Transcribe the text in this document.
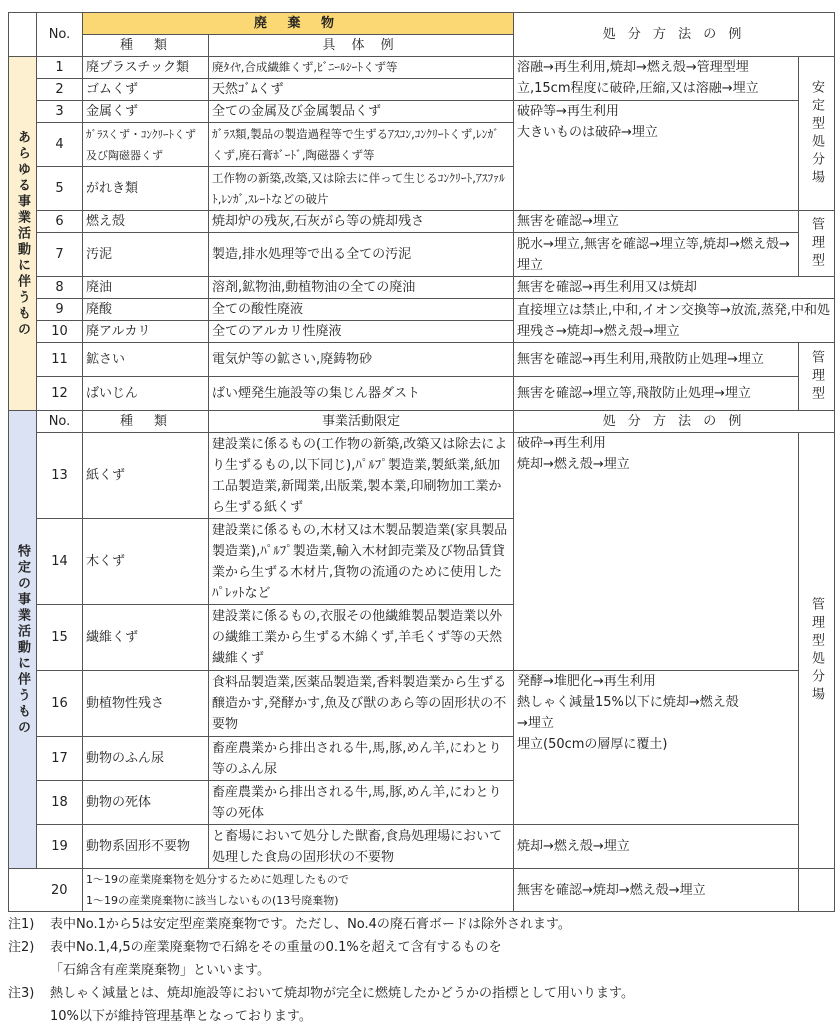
	No.	廃 棄 物		処 分 方 法 の 例	
		種　類	具 体 例		

あらゆる事業活動に伴うもの	1	廃プラスチック類	廃ﾀｲﾔ,合成繊維くず,ﾋﾞﾆｰﾙｼｰﾄくず等	溶融→再生利用,焼却→燃え殻→管理型埋立,15cm程度に破砕,圧縮,又は溶融→埋立	安定型処分場

	2	ゴムくず	天然ｺﾞﾑくず		
	3	金属くず	全ての金属及び金属製品くず	破砕等→再生利用
大きいものは破砕→埋立	

	4	ｶﾞﾗｽくず・ｺﾝｸﾘｰﾄくず及び陶磁器くず	ｶﾞﾗｽ類,製品の製造過程等で生ずるｱｽｺﾝ,ｺﾝｸﾘｰﾄくず,ﾚﾝｶﾞくず,廃石膏ﾎﾞｰﾄﾞ,陶磁器くず等		
	5	がれき類	工作物の新築,改築,又は除去に伴って生じるｺﾝｸﾘｰﾄ,ｱｽﾌｧﾙﾄ,ﾚﾝｶﾞ,ｽﾚｰﾄなどの破片		
	6	燃え殻	焼却炉の残灰,石灰がら等の焼却残さ	無害を確認→埋立	管理型

	7	汚泥	製造,排水処理等で出る全ての汚泥	脱水→埋立,無害を確認→埋立等,焼却→燃え殻→埋立	
	8	廃油	溶剤,鉱物油,動植物油の全ての廃油	無害を確認→再生利用又は焼却	
	9	廃酸	全ての酸性廃液	直接埋立は禁止,中和,イオン交換等→放流,蒸発,中和処理残さ→焼却→燃え殻→埋立	
	10	廃アルカリ	全てのアルカリ性廃液		
	11	鉱さい	電気炉等の鉱さい,廃鋳物砂	無害を確認→再生利用,飛散防止処理→埋立	管理型

	12	ばいじん	ばい煙発生施設等の集じん器ダスト	無害を確認→埋立等,飛散防止処理→埋立	

特定の事業活動に伴うもの	No.	種　類	事業活動限定	処 分 方 法 の 例	
	13	紙くず	建設業に係るもの(工作物の新築,改築又は除去により生ずるもの,以下同じ),ﾊﾟﾙﾌﾟ製造業,製紙業,紙加工品製造業,新聞業,出版業,製本業,印刷物加工業から生ずる紙くず	破砕→再生利用
焼却→燃え殻→埋立	管理型処分場

	14	木くず	建設業に係るもの,木材又は木製品製造業(家具製品製造業),ﾊﾟﾙﾌﾟ製造業,輸入木材卸売業及び物品賃貸業から生ずる木材片,貨物の流通のために使用したﾊﾟﾚｯﾄなど		
	15	繊維くず	建設業に係るもの,衣服その他繊維製品製造業以外の繊維工業から生ずる木綿くず,羊毛くず等の天然繊維くず		
	16	動植物性残さ	食料品製造業,医薬品製造業,香料製造業から生ずる醸造かす,発酵かす,魚及び獣のあら等の固形状の不要物	発酵→堆肥化→再生利用
熱しゃく減量15%以下に焼却→燃え殻
→埋立
埋立(50cmの層厚に覆土)	

	17	動物のふん尿	畜産農業から排出される牛,馬,豚,めん羊,にわとり等のふん尿		
	18	動物の死体	畜産農業から排出される牛,馬,豚,めん羊,にわとり等の死体		
	19	動物系固形不要物	と畜場において処分した獣畜,食鳥処理場において処理した食鳥の固形状の不要物	焼却→燃え殻→埋立	
	20	1～19の産業廃棄物を処分するために処理したもので
1～19の産業廃棄物に該当しないもの(13号廃棄物)		無害を確認→焼却→燃え殻→埋立	
注1)	表中No.1から5は安定型産業廃棄物です。ただし、No.4の廃石膏ボードは除外されます。
注2)	表中No.1,4,5の産業廃棄物で石綿をその重量の0.1%を超えて含有するものを
「石綿含有産業廃棄物」といいます。
注3)	熱しゃく減量とは、焼却施設等において焼却物が完全に燃焼したかどうかの指標として用いります。
10%以下が維持管理基準となっております。
